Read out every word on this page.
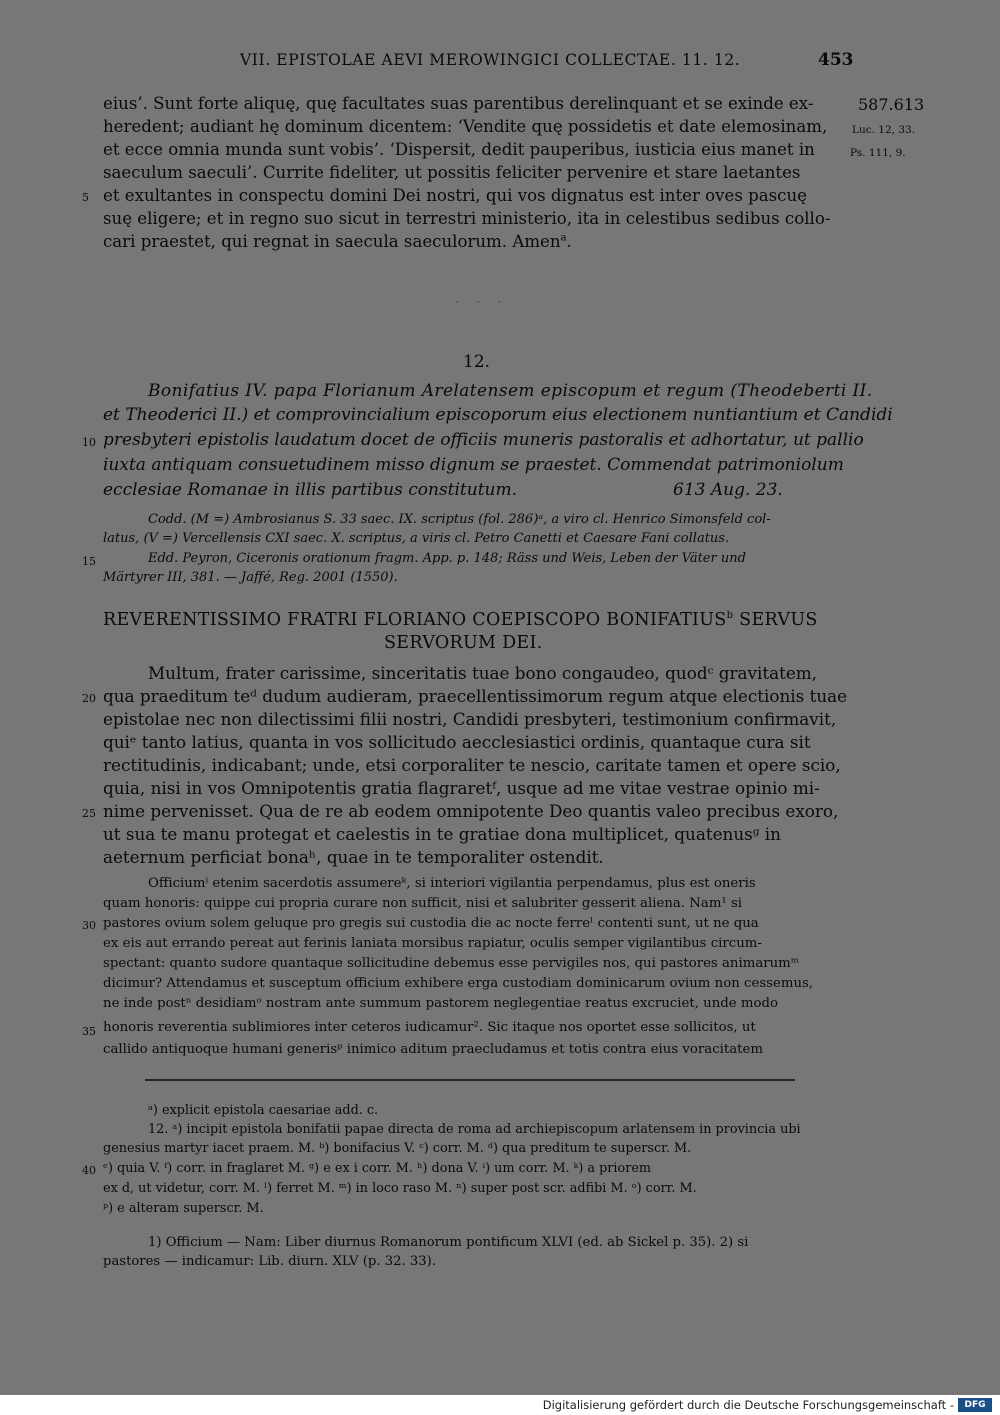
VII. EPISTOLAE AEVI MEROWINGICI COLLECTAE. 11. 12.	453
eius’. Sunt forte aliquę, quę facultates suas parentibus derelinquant et se exinde ex-
heredent; audiant hę dominum dicentem: ‘Vendite quę possidetis et date elemosinam,
et ecce omnia munda sunt vobis’. ‘Dispersit, dedit pauperibus, iusticia eius manet in
saeculum saeculi’. Currite fideliter, ut possitis feliciter pervenire et stare laetantes
et exultantes in conspectu domini Dei nostri, qui vos dignatus est inter oves pascuę
suę eligere; et in regno suo sicut in terrestri ministerio, ita in celestibus sedibus collo-
cari praestet, qui regnat in saecula saeculorum. Amen$^a$.
5
587.613
Luc. 12, 33.
Ps. 111, 9.
· · ·
12.
Bonifatius IV. papa Florianum Arelatensem episcopum et regum (Theodeberti II.
et Theoderici II.) et comprovincialium episcoporum eius electionem nuntiantium et Candidi
presbyteri epistolis laudatum docet de officiis muneris pastoralis et adhortatur, ut pallio
iuxta antiquam consuetudinem misso dignum se praestet. Commendat patrimoniolum
ecclesiae Romanae in illis partibus constitutum.	613 Aug. 23.
10
Codd. (M =) Ambrosianus S. 33 saec. IX. scriptus (fol. 286)ᵃ, a viro cl. Henrico Simonsfeld col-
latus, (V =) Vercellensis CXI saec. X. scriptus, a viris cl. Petro Canetti et Caesare Fani collatus.
Edd. Peyron, Ciceronis orationum fragm. App. p. 148; Räss und Weis, Leben der Väter und
Märtyrer III, 381. — Jaffé, Reg. 2001 (1550).
15
REVERENTISSIMO FRATRI FLORIANO COEPISCOPO BONIFATIUS$^b$ SERVUS
SERVORUM DEI.
Multum, frater carissime, sinceritatis tuae bono congaudeo, quodᶜ gravitatem,
qua praeditum teᵈ dudum audieram, praecellentissimorum regum atque electionis tuae
epistolae nec non dilectissimi filii nostri, Candidi presbyteri, testimonium confirmavit,
quiᵉ tanto latius, quanta in vos sollicitudo aecclesiastici ordinis, quantaque cura sit
rectitudinis, indicabant; unde, etsi corporaliter te nescio, caritate tamen et opere scio,
quia, nisi in vos Omnipotentis gratia flagraretᶠ, usque ad me vitae vestrae opinio mi-
nime pervenisset. Qua de re ab eodem omnipotente Deo quantis valeo precibus exoro,
ut sua te manu protegat et caelestis in te gratiae dona multiplicet, quatenusᵍ in
aeternum perficiat bonaʰ, quae in te temporaliter ostendit.
20
25
Officiumⁱ etenim sacerdotis assumereᵏ, si interiori vigilantia perpendamus, plus est oneris
quam honoris: quippe cui propria curare non sufficit, nisi et salubriter gesserit aliena. Nam¹ si
pastores ovium solem geluque pro gregis sui custodia die ac nocte ferreˡ contenti sunt, ut ne qua
ex eis aut errando pereat aut ferinis laniata morsibus rapiatur, oculis semper vigilantibus circum-
spectant: quanto sudore quantaque sollicitudine debemus esse pervigiles nos, qui pastores animarumᵐ
dicimur? Attendamus et susceptum officium exhibere erga custodiam dominicarum ovium non cessemus,
ne inde postⁿ desidiamᵒ nostram ante summum pastorem neglegentiae reatus excruciet, unde modo
honoris reverentia sublimiores inter ceteros iudicamur². Sic itaque nos oportet esse sollicitos, ut
callido antiquoque humani generisᵖ inimico aditum praecludamus et totis contra eius voracitatem
30
35
ᵃ) explicit epistola caesariae add. c.
12. ᵃ) incipit epistola bonifatii papae directa de roma ad archiepiscopum arlatensem in provincia ubi
genesius martyr iacet praem. M. ᵇ) bonifacius V. ᶜ) corr. M. ᵈ) qua preditum te superscr. M.
ᵉ) quia V. ᶠ) corr. in fraglaret M. ᵍ) e ex i corr. M. ʰ) dona V. ⁱ) um corr. M. ᵏ) a priorem
ex d, ut videtur, corr. M. ˡ) ferret M. ᵐ) in loco raso M. ⁿ) super post scr. adfibi M. ᵒ) corr. M.
ᵖ) e alteram superscr. M.
40
1) Officium — Nam: Liber diurnus Romanorum pontificum XLVI (ed. ab Sickel p. 35). 2) si
pastores — indicamur: Lib. diurn. XLV (p. 32. 33).
Digitalisierung gefördert durch die Deutsche Forschungsgemeinschaft -	DFG
